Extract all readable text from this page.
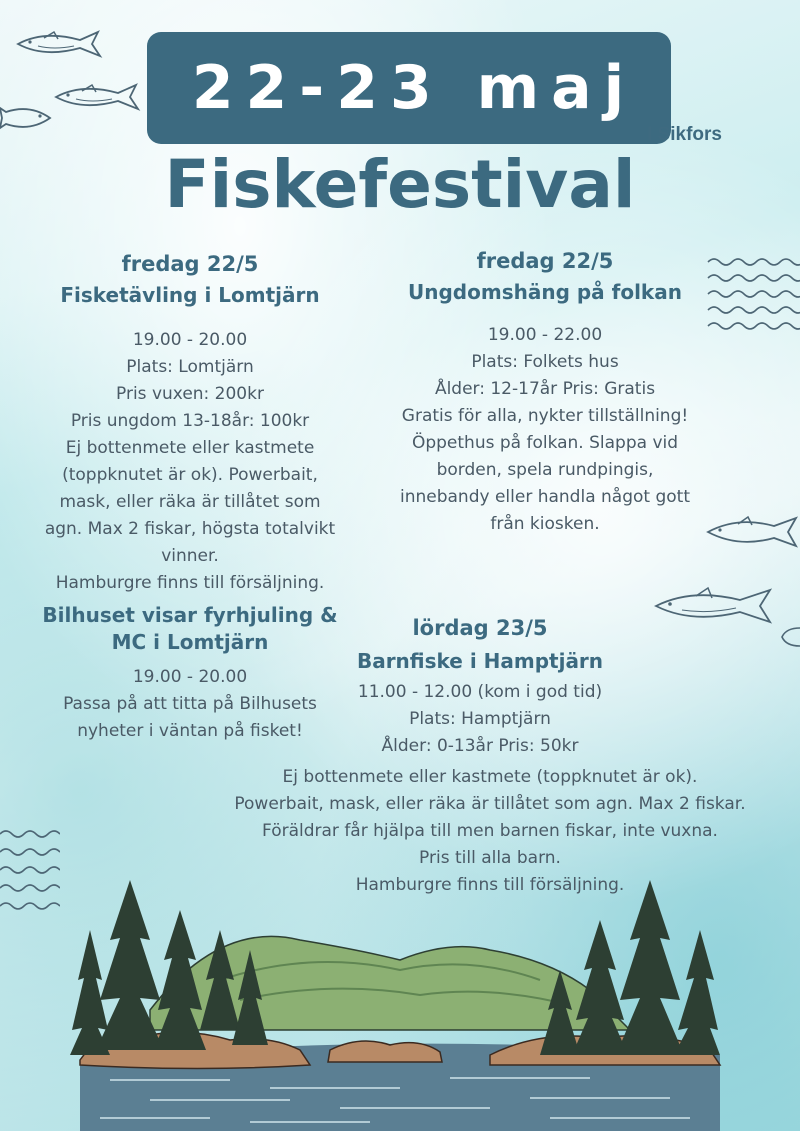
22-23 maj
I Sikfors
Fiskefestival
fredag 22/5
Fisketävling i Lomtjärn
19.00 - 20.00
Plats: Lomtjärn
Pris vuxen: 200kr
Pris ungdom 13-18år: 100kr
Ej bottenmete eller kastmete
(toppknutet är ok). Powerbait,
mask, eller räka är tillåtet som
agn. Max 2 fiskar, högsta totalvikt
vinner.
Hamburgre finns till försäljning.
fredag 22/5
Ungdomshäng på folkan
19.00 - 22.00
Plats: Folkets hus
Ålder: 12-17år Pris: Gratis
Gratis för alla, nykter tillställning!
Öppethus på folkan. Slappa vid
borden, spela rundpingis,
innebandy eller handla något gott
från kiosken.
Bilhuset visar fyrhjuling &
MC i Lomtjärn
19.00 - 20.00
Passa på att titta på Bilhusets
nyheter i väntan på fisket!
lördag 23/5
Barnfiske i Hamptjärn
11.00 - 12.00 (kom i god tid)
Plats: Hamptjärn
Ålder: 0-13år Pris: 50kr
Ej bottenmete eller kastmete (toppknutet är ok).
Powerbait, mask, eller räka är tillåtet som agn. Max 2 fiskar.
Föräldrar får hjälpa till men barnen fiskar, inte vuxna.
Pris till alla barn.
Hamburgre finns till försäljning.
